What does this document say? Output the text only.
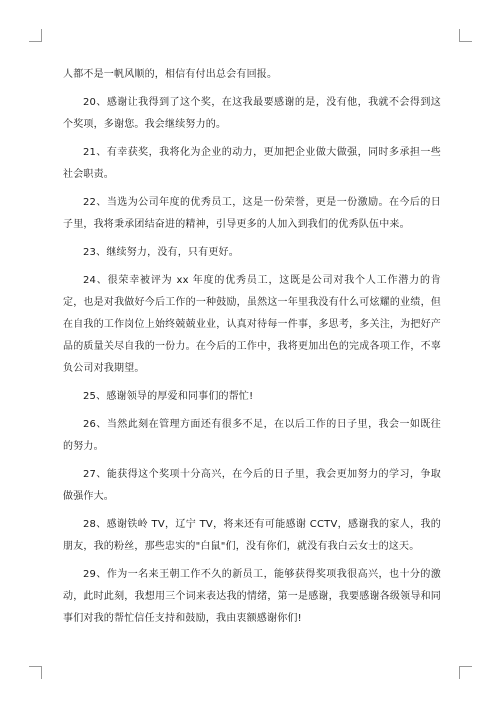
人都不是一帆风顺的，相信有付出总会有回报。

20、感谢让我得到了这个奖，在这我最要感谢的是，没有他，我就不会得到这个奖项，多谢您。我会继续努力的。

21、有幸获奖，我将化为企业的动力，更加把企业做大做强，同时多承担一些社会职责。

22、当选为公司年度的优秀员工，这是一份荣誉，更是一份激励。在今后的日子里，我将秉承团结奋进的精神，引导更多的人加入到我们的优秀队伍中来。

23、继续努力，没有，只有更好。

24、很荣幸被评为 xx 年度的优秀员工，这既是公司对我个人工作潜力的肯定，也是对我做好今后工作的一种鼓励，虽然这一年里我没有什么可炫耀的业绩，但在自我的工作岗位上始终兢兢业业，认真对待每一件事，多思考，多关注，为把好产品的质量关尽自我的一份力。在今后的工作中，我将更加出色的完成各项工作，不辜负公司对我期望。

25、感谢领导的厚爱和同事们的帮忙!

26、当然此刻在管理方面还有很多不足，在以后工作的日子里，我会一如既往的努力。

27、能获得这个奖项十分高兴，在今后的日子里，我会更加努力的学习，争取做强作大。

28、感谢铁岭 TV，辽宁 TV，将来还有可能感谢 CCTV，感谢我的家人，我的朋友，我的粉丝，那些忠实的"白鼠"们，没有你们，就没有我白云女士的这天。

29、作为一名来王朝工作不久的新员工，能够获得奖项我很高兴，也十分的激动，此时此刻，我想用三个词来表达我的情绪，第一是感谢，我要感谢各级领导和同事们对我的帮忙信任支持和鼓励，我由衷额感谢你们!
